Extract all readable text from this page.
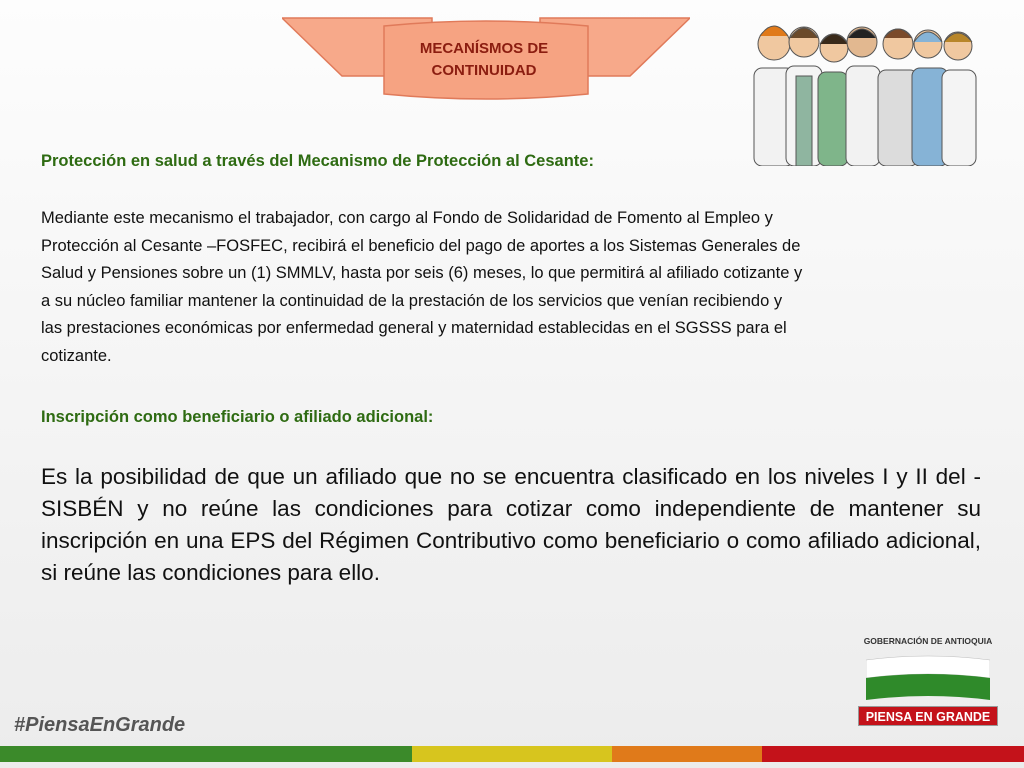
MECANÍSMOS DE
CONTINUIDAD
Protección en salud a través del Mecanismo de Protección al Cesante:
Mediante este mecanismo el trabajador, con cargo al Fondo de Solidaridad de Fomento al Empleo y
Protección al Cesante –FOSFEC, recibirá el beneficio del pago de aportes a los Sistemas Generales de
Salud y Pensiones sobre un (1) SMMLV, hasta por seis (6) meses, lo que permitirá al afiliado cotizante y
a su núcleo familiar mantener la continuidad de la prestación de los servicios que venían recibiendo y
las prestaciones económicas por enfermedad general y maternidad establecidas en el SGSSS para el
cotizante.
Inscripción como beneficiario o afiliado adicional:
Es la posibilidad de que un afiliado que no se encuentra clasificado en los niveles I y II del - SISBÉN y no reúne las condiciones para cotizar como independiente de mantener su inscripción en una EPS del Régimen Contributivo como beneficiario o como afiliado adicional, si reúne las condiciones para ello.
#PiensaEnGrande
GOBERNACIÓN DE ANTIOQUIA
PIENSA EN GRANDE
